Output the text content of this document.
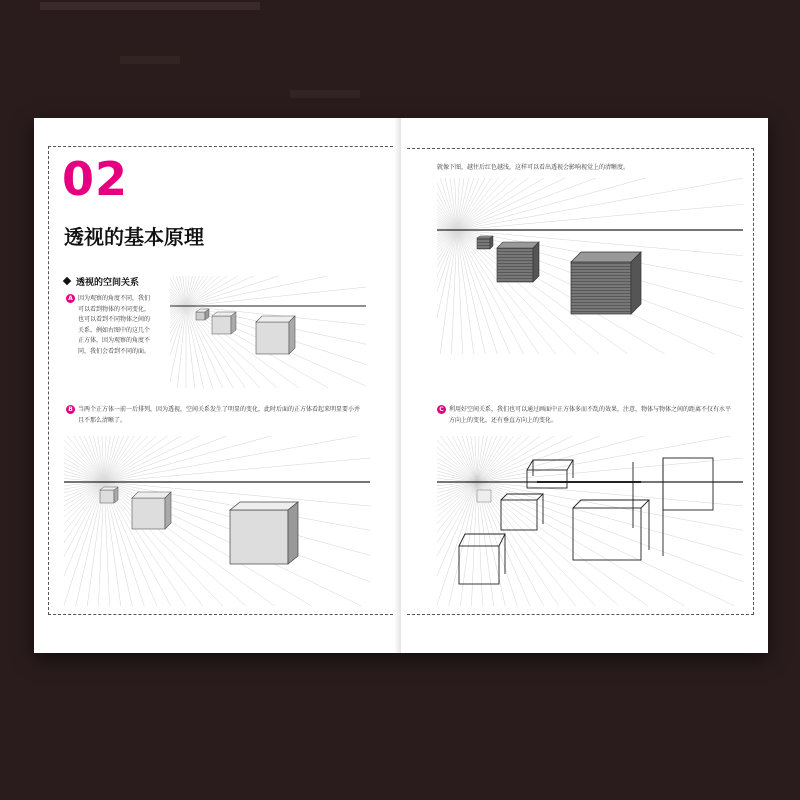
02
透视的基本原理
透视的空间关系
A 因为观察的角度不同，我们
可以看到物体的不同变化，
也可以看到不同物体之间的
关系。例如右图中的这几个
正方体，因为观察的角度不
同，我们会看到不同的面。
B 当两个正方体一前一后排列，因为透视，空间关系发生了明显的变化，此时后面的正方体看起来明显要小并
且不那么清晰了。
就像下图，越往后红色越浅，这样可以看出透视会影响视觉上的清晰度。
C 利用好空间关系，我们也可以通过画面中正方体多而不乱的效果，注意，物体与物体之间的距离不仅有水平
方向上的变化，还有垂直方向上的变化。
